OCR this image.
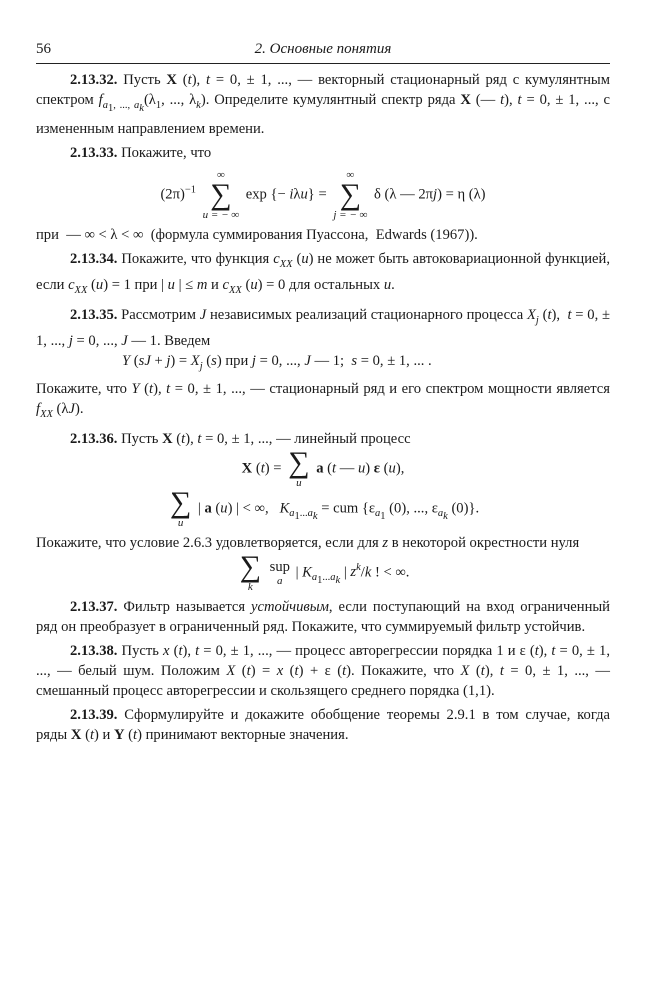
56	2. Основные понятия

2.13.32. Пусть X (t), t = 0, ± 1, ..., — векторный стационарный ряд с кумулянтным спектром $f_{a_1, ..., a_k}(\lambda_1$, ..., $\lambda_k$). Определите кумулянтный спектр ряда X (— t), t = 0, ± 1, ..., с измененным направлением времени.

2.13.33. Покажите, что

$(2\pi)^{-1}$
∞
∑
u = − ∞
exp {− iλu} =
∞
∑
j = − ∞
δ (λ — 2πj) = η (λ)

при  — ∞ < λ < ∞  (формула суммирования Пуассона,  Edwards (1967)).

2.13.34. Покажите, что функция $c_{XX}$ (u) не может быть автоковариационной функцией, если $c_{XX}$ (u) = 1 при | u | ≤ m и $c_{XX}$ (u) = 0 для остальных u.

2.13.35. Рассмотрим J независимых реализаций стационарного процесса $X_j$ (t),  t = 0, ± 1, ..., j = 0, ..., J — 1. Введем

Y $(sJ + j) = X_j$ (s) при j = 0, ..., J — 1;  s = 0, ± 1, ... .

Покажите, что Y (t), t = 0, ± 1, ..., — стационарный ряд и его спектром мощности является $f_{XX}$ (λJ).

2.13.36. Пусть X (t), t = 0, ± 1, ..., — линейный процесс

X (t) = ∑
u
a (t — u) ε (u),
∑
u
| a (u) | < ∞,   $K_{a_1...a_k}$ = cum {$\varepsilon_{a_1}$ (0), ..., $\varepsilon_{a_k}$ (0)}.

Покажите, что условие 2.6.3 удовлетворяется, если для z в некоторой окрестности нуля

∑
k

sup
a
| $K_{a_1...a_k}$ | $z^k/k$ ! < ∞.

2.13.37. Фильтр называется устойчивым, если поступающий на вход ограниченный ряд он преобразует в ограниченный ряд. Покажите, что суммируемый фильтр устойчив.

2.13.38. Пусть x (t), t = 0, ± 1, ..., — процесс авторегрессии порядка 1 и ε (t), t = 0, ± 1, ..., — белый шум. Положим X (t) = x (t) + ε (t). Покажите, что X (t), t = 0, ± 1, ..., — смешанный процесс авторегрессии и скользящего среднего порядка (1,1).

2.13.39. Сформулируйте и докажите обобщение теоремы 2.9.1 в том случае, когда ряды X (t) и Y (t) принимают векторные значения.
